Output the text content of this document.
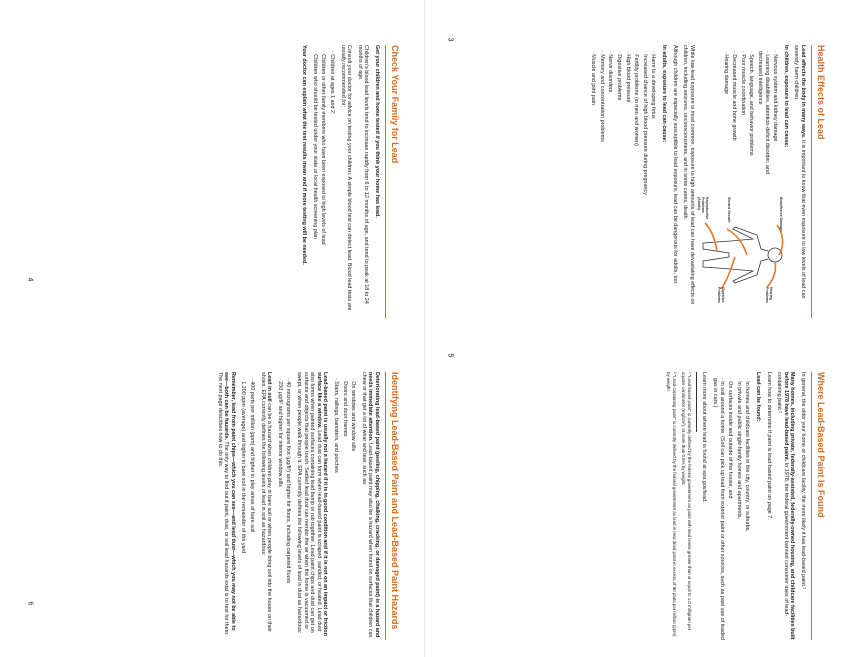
3
4
5
6
Health Effects of Lead

Lead affects the body in many ways. It is important to know that even exposure to low levels of lead can severely harm children.

In children, exposure to lead can cause:

· Nervous system and kidney damage
· Learning disabilities, attention-deficit disorder, and decreased intelligence
· Speech, language, and behavior problems
· Poor muscle coordination
· Decreased muscle and bone growth
· Hearing damage
Brain/Nerve Damage
Hearing Problems
Slowed Growth
Digestive Problems
Reproductive Problems (Adults)

While low-lead exposure is most common, exposure to high amounts of lead can have devastating effects on children, including seizures, unconsciousness, and in some cases, death.

Although children are especially susceptible to lead exposure, lead can be dangerous for adults, too.

In adults, exposure to lead can cause:

· Harm to a developing fetus
· Increased chance of high blood pressure during pregnancy
· Fertility problems (in men and women)
· High blood pressure
· Digestive problems
· Nerve disorders
· Memory and concentration problems
· Muscle and joint pain
Check Your Family for Lead

Get your children and home tested if you think your home has lead.

Children's blood lead levels tend to increase rapidly from 6 to 12 months of age, and tend to peak at 18 to 24 months of age.

Consult your doctor for advice on testing your children. A simple blood test can detect lead. Blood lead tests are usually recommended for:

· Children at ages 1 and 2
· Children or other family members who have been exposed to high levels of lead
· Children who should be tested under your state or local health screening plan

Your doctor can explain what the test results mean and if more testing will be needed.

Where Lead-Based Paint Is Found

In general, the older your home or childcare facility, the more likely it has lead-based paint.¹

Many homes, including private, federally-assisted, federally-owned housing, and childcare facilities built before 1978 have lead-based paint. In 1978, the federal government banned consumer uses of lead-containing paint.²

Learn how to determine if paint is lead-based paint on page 7.

Lead can be found:

· In homes and childcare facilities in the city, country, or suburbs,
· In private and public single-family homes and apartments,
· On surfaces inside and outside of the house, and
· In soil around a home. (Soil can pick up lead from exterior paint or other sources, such as past use of leaded gas in cars.)

Learn more about where lead is found at epa.gov/lead.

¹ "Lead-based paint" is currently defined by the federal government as paint with lead levels greater than or equal to 1.0 milligram per square centimeter (mg/cm²), or more than 0.5% by weight.
² "Lead-containing paint" is currently defined by the federal government as lead in new dried paint in excess of 90 parts per million (ppm) by weight.
Identifying Lead-Based Paint and Lead-Based Paint Hazards

Deteriorating lead-based paint (peeling, chipping, chalking, cracking, or damaged paint) is a hazard and needs immediate attention. Lead-based paint may also be a hazard when found on surfaces that children can chew or that get a lot of wear and tear, such as:

· On windows and window sills
· Doors and door frames
· Stairs, railings, banisters, and porches

Lead-based paint is usually not a hazard if it is in good condition and if it is not on an impact or friction surface like a window. Lead dust can form when lead-based paint is scraped, sanded, or heated. Lead dust also forms when painted surfaces containing lead bump or rub together. Lead paint chips and dust can get on surfaces and objects that people touch. Settled lead dust can reenter the air when the home is vacuumed or swept, or when people walk through it. EPA currently defines the following levels of lead in dust as hazardous:

· 40 micrograms per square foot (µg/ft²) and higher for floors, including carpeted floors
· 250 µg/ft² and higher for interior window sills

Lead in soil can be a hazard when children play in bare soil or when people bring soil into the house on their shoes. EPA currently defines the following levels of lead in soil as hazardous:

· 400 parts per million (ppm) and higher in play areas of bare soil
· 1,200 ppm (average) and higher in bare soil in the remainder of the yard

Remember, lead from paint chips—which you can see—and lead dust—which you may not be able to see—both can be hazards. The only way to find out if paint, dust, or soil lead hazards exist is to test for them. The next page describes how to do this.
